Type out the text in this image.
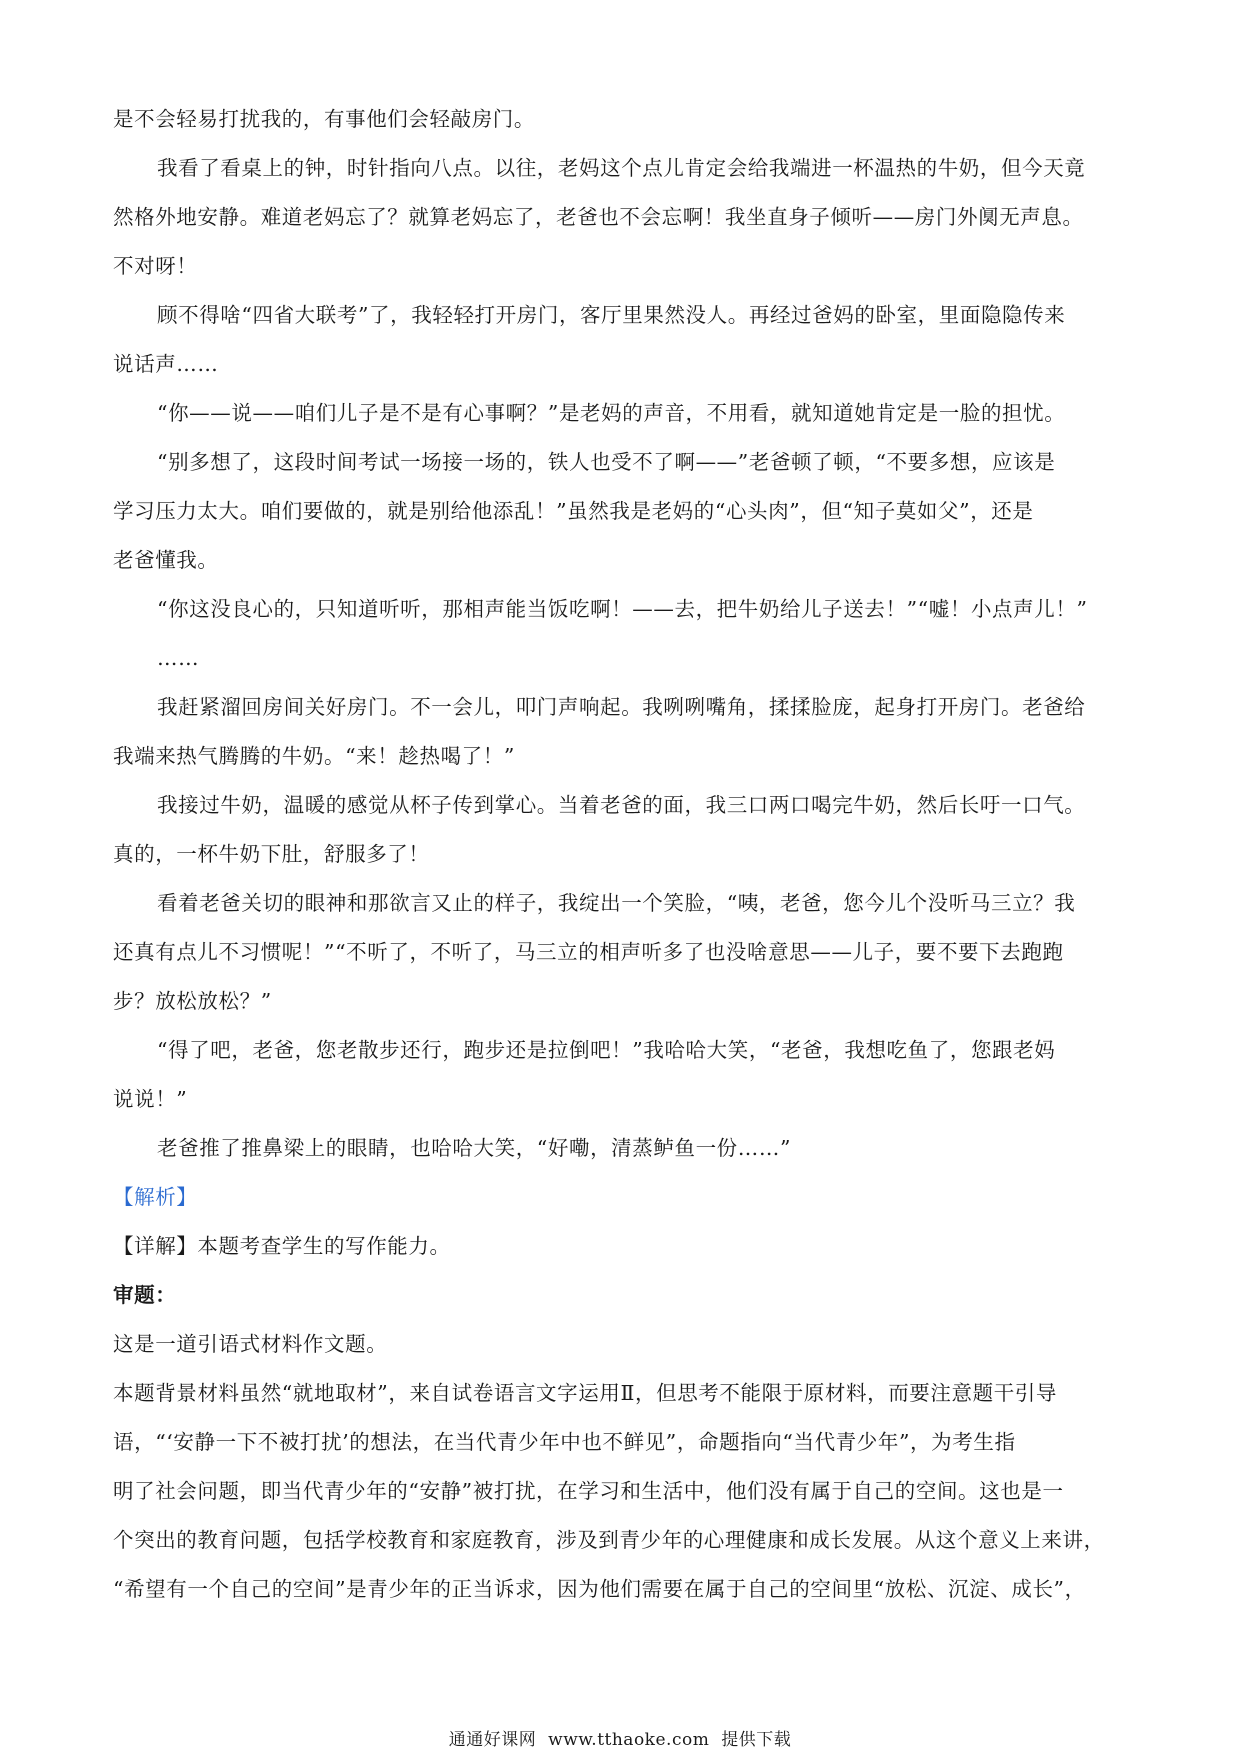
是不会轻易打扰我的，有事他们会轻敲房门。
我看了看桌上的钟，时针指向八点。以往，老妈这个点儿肯定会给我端进一杯温热的牛奶，但今天竟
然格外地安静。难道老妈忘了？就算老妈忘了，老爸也不会忘啊！我坐直身子倾听——房门外阒无声息。
不对呀！
顾不得啥“四省大联考”了，我轻轻打开房门，客厅里果然没人。再经过爸妈的卧室，里面隐隐传来
说话声……
“你——说——咱们儿子是不是有心事啊？”是老妈的声音，不用看，就知道她肯定是一脸的担忧。
“别多想了，这段时间考试一场接一场的，铁人也受不了啊——”老爸顿了顿，“不要多想，应该是
学习压力太大。咱们要做的，就是别给他添乱！”虽然我是老妈的“心头肉”，但“知子莫如父”，还是
老爸懂我。
“你这没良心的，只知道听听，那相声能当饭吃啊！——去，把牛奶给儿子送去！”“嘘！小点声儿！”
……
我赶紧溜回房间关好房门。不一会儿，叩门声响起。我咧咧嘴角，揉揉脸庞，起身打开房门。老爸给
我端来热气腾腾的牛奶。“来！趁热喝了！”
我接过牛奶，温暖的感觉从杯子传到掌心。当着老爸的面，我三口两口喝完牛奶，然后长吁一口气。
真的，一杯牛奶下肚，舒服多了！
看着老爸关切的眼神和那欲言又止的样子，我绽出一个笑脸，“咦，老爸，您今儿个没听马三立？我
还真有点儿不习惯呢！”“不听了，不听了，马三立的相声听多了也没啥意思——儿子，要不要下去跑跑
步？放松放松？”
“得了吧，老爸，您老散步还行，跑步还是拉倒吧！”我哈哈大笑，“老爸，我想吃鱼了，您跟老妈
说说！”
老爸推了推鼻梁上的眼睛，也哈哈大笑，“好嘞，清蒸鲈鱼一份……”
【解析】
【详解】本题考查学生的写作能力。
审题：
这是一道引语式材料作文题。
本题背景材料虽然“就地取材”，来自试卷语言文字运用Ⅱ，但思考不能限于原材料，而要注意题干引导
语，“‘安静一下不被打扰’的想法，在当代青少年中也不鲜见”，命题指向“当代青少年”，为考生指
明了社会问题，即当代青少年的“安静”被打扰，在学习和生活中，他们没有属于自己的空间。这也是一
个突出的教育问题，包括学校教育和家庭教育，涉及到青少年的心理健康和成长发展。从这个意义上来讲，
“希望有一个自己的空间”是青少年的正当诉求，因为他们需要在属于自己的空间里“放松、沉淀、成长”，
通通好课网 www.tthaoke.com 提供下载
